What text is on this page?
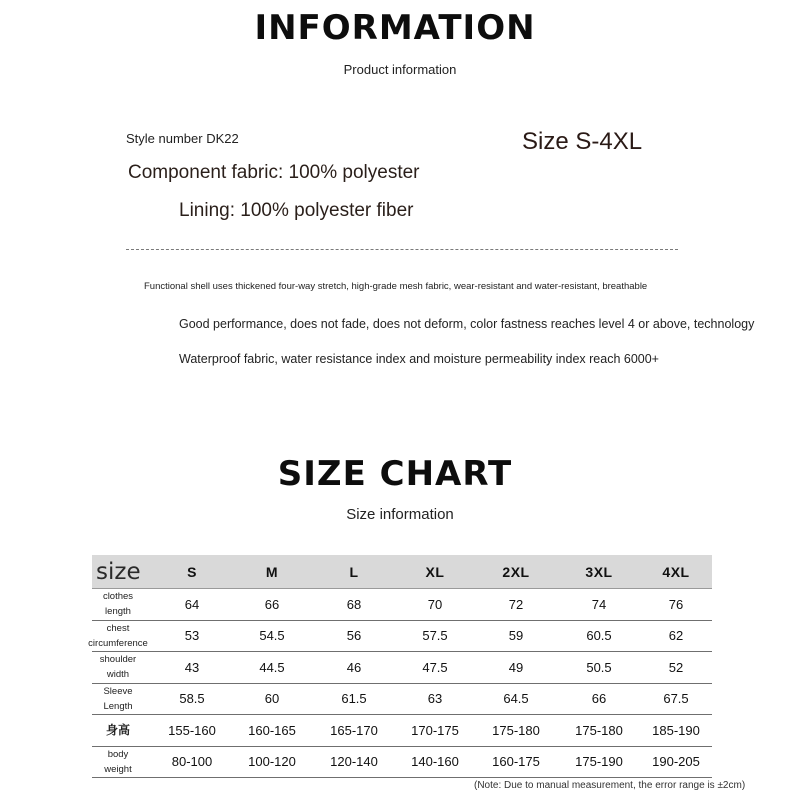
INFORMATION
Product information
Style number DK22	Size S-4XL
Component fabric: 100% polyester
Lining: 100% polyester fiber
Functional shell uses thickened four-way stretch, high-grade mesh fabric, wear-resistant and water-resistant, breathable
Good performance, does not fade, does not deform, color fastness reaches level 4 or above, technology
Waterproof fabric, water resistance index and moisture permeability index reach 6000+
SIZE CHART
Size information
size	S	M	L	XL	2XL	3XL	4XL
clothes
length	64	66	68	70	72	74	76
chest
circumference	53	54.5	56	57.5	59	60.5	62
shoulder
width	43	44.5	46	47.5	49	50.5	52
Sleeve
Length	58.5	60	61.5	63	64.5	66	67.5
身高	155-160	160-165	165-170	170-175	175-180	175-180	185-190
body
weight	80-100	100-120	120-140	140-160	160-175	175-190	190-205
(Note: Due to manual measurement, the error range is ±2cm)
